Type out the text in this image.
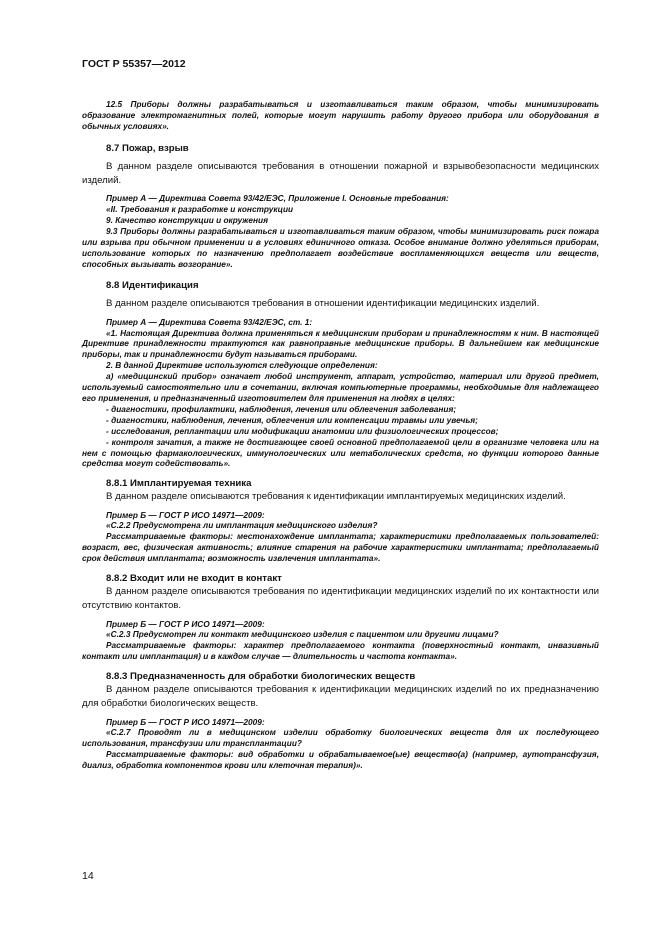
ГОСТ Р 55357—2012

12.5 Приборы должны разрабатываться и изготавливаться таким образом, чтобы минимизировать образование электромагнитных полей, которые могут нарушить работу другого прибора или оборудования в обычных условиях».

8.7 Пожар, взрыв

В данном разделе описываются требования в отношении пожарной и взрывобезопасности медицинских изделий.

Пример А — Директива Совета 93/42/ЕЭС, Приложение I. Основные требования:

«II. Требования к разработке и конструкции

9. Качество конструкции и окружения

9.3 Приборы должны разрабатываться и изготавливаться таким образом, чтобы минимизировать риск пожара или взрыва при обычном применении и в условиях единичного отказа. Особое внимание должно уделяться приборам, использование которых по назначению предполагает воздействие воспламеняющихся веществ или веществ, способных вызывать возгорание».

8.8 Идентификация

В данном разделе описываются требования в отношении идентификации медицинских изделий.

Пример А — Директива Совета 93/42/ЕЭС, ст. 1:

«1. Настоящая Директива должна применяться к медицинским приборам и принадлежностям к ним. В настоящей Директиве принадлежности трактуются как равноправные медицинские приборы. В дальнейшем как медицинские приборы, так и принадлежности будут называться приборами.

2. В данной Директиве используются следующие определения:

а) «медицинский прибор» означает любой инструмент, аппарат, устройство, материал или другой предмет, используемый самостоятельно или в сочетании, включая компьютерные программы, необходимые для надлежащего его применения, и предназначенный изготовителем для применения на людях в целях:

- диагностики, профилактики, наблюдения, лечения или облегчения заболевания;

- диагностики, наблюдения, лечения, облегчения или компенсации травмы или увечья;

- исследования, реплантации или модификации анатомии или физиологических процессов;

- контроля зачатия, а также не достигающее своей основной предполагаемой цели в организме человека или на нем с помощью фармакологических, иммунологических или метаболических средств, но функции которого данные средства могут содействовать».

8.8.1 Имплантируемая техника

В данном разделе описываются требования к идентификации имплантируемых медицинских изделий.

Пример Б — ГОСТ Р ИСО 14971—2009:

«С.2.2 Предусмотрена ли имплантация медицинского изделия?

Рассматриваемые факторы: местонахождение имплантата; характеристики предполагаемых пользователей: возраст, вес, физическая активность; влияние старения на рабочие характеристики имплантата; предполагаемый срок действия имплантата; возможность извлечения имплантата».

8.8.2 Входит или не входит в контакт

В данном разделе описываются требования по идентификации медицинских изделий по их контактности или отсутствию контактов.

Пример Б — ГОСТ Р ИСО 14971—2009:

«С.2.3 Предусмотрен ли контакт медицинского изделия с пациентом или другими лицами?

Рассматриваемые факторы: характер предполагаемого контакта (поверхностный контакт, инвазивный контакт или имплантация) и в каждом случае — длительность и частота контакта».

8.8.3 Предназначенность для обработки биологических веществ

В данном разделе описываются требования к идентификации медицинских изделий по их предназначению для обработки биологических веществ.

Пример Б — ГОСТ Р ИСО 14971—2009:

«С.2.7 Проводят ли в медицинском изделии обработку биологических веществ для их последующего использования, трансфузии или трансплантации?

Рассматриваемые факторы: вид обработки и обрабатываемое(ые) вещество(а) (например, аутотрансфузия, диализ, обработка компонентов крови или клеточная терапия)».

14
